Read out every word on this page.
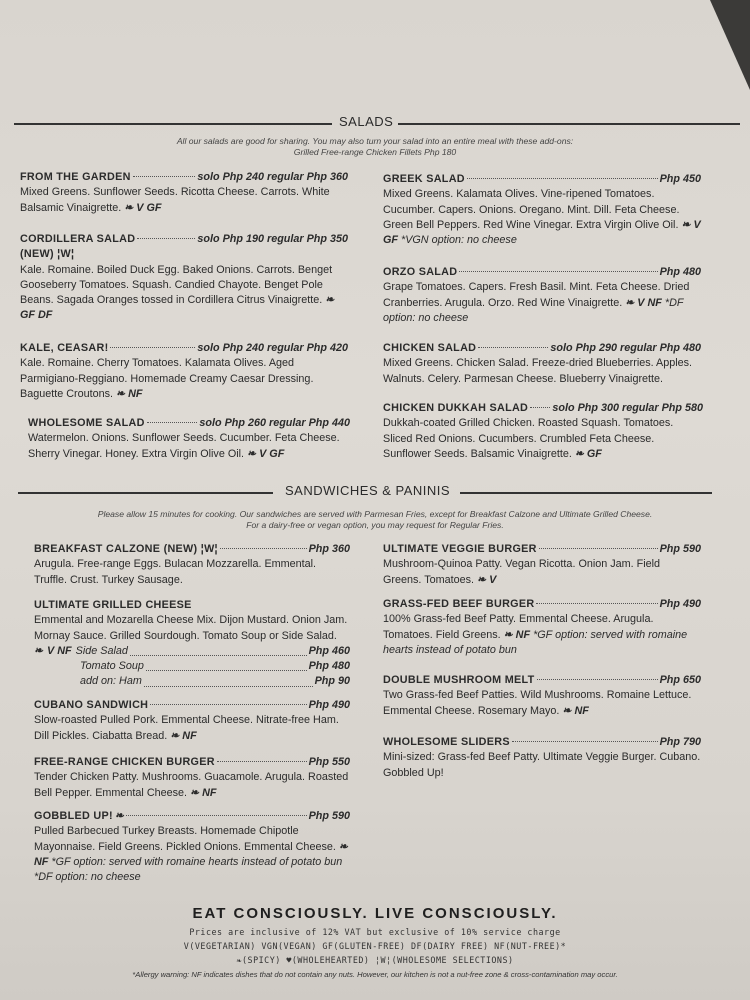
SALADS
All our salads are good for sharing. You may also turn your salad into an entire meal with these add-ons:
Grilled Free-range Chicken Fillets Php 180
FROM THE GARDEN	solo Php 240 regular Php 360
Mixed Greens. Sunflower Seeds. Ricotta Cheese. Carrots. White Balsamic Vinaigrette. ❧ V GF
CORDILLERA SALAD	solo Php 190 regular Php 350
(NEW) ¦W¦
Kale. Romaine. Boiled Duck Egg. Baked Onions. Carrots. Benget Gooseberry Tomatoes. Squash. Candied Chayote. Benget Pole Beans. Sagada Oranges tossed in Cordillera Citrus Vinaigrette. ❧ GF DF
KALE, CEASAR!	solo Php 240 regular Php 420
Kale. Romaine. Cherry Tomatoes. Kalamata Olives. Aged Parmigiano-Reggiano. Homemade Creamy Caesar Dressing. Baguette Croutons. ❧ NF
WHOLESOME SALAD	solo Php 260 regular Php 440
Watermelon. Onions. Sunflower Seeds. Cucumber. Feta Cheese. Sherry Vinegar. Honey. Extra Virgin Olive Oil. ❧ V GF
GREEK SALAD	Php 450
Mixed Greens. Kalamata Olives. Vine-ripened Tomatoes. Cucumber. Capers. Onions. Oregano. Mint. Dill. Feta Cheese. Green Bell Peppers. Red Wine Vinegar. Extra Virgin Olive Oil. ❧ V GF *VGN option: no cheese
ORZO SALAD	Php 480
Grape Tomatoes. Capers. Fresh Basil. Mint. Feta Cheese. Dried Cranberries. Arugula. Orzo. Red Wine Vinaigrette. ❧ V NF *DF option: no cheese
CHICKEN SALAD	solo Php 290 regular Php 480
Mixed Greens. Chicken Salad. Freeze-dried Blueberries. Apples. Walnuts. Celery. Parmesan Cheese. Blueberry Vinaigrette.
CHICKEN DUKKAH SALAD solo Php 300 regular Php 580
Dukkah-coated Grilled Chicken. Roasted Squash. Tomatoes. Sliced Red Onions. Cucumbers. Crumbled Feta Cheese. Sunflower Seeds. Balsamic Vinaigrette. ❧ GF
SANDWICHES & PANINIS
Please allow 15 minutes for cooking. Our sandwiches are served with Parmesan Fries, except for Breakfast Calzone and Ultimate Grilled Cheese.
For a dairy-free or vegan option, you may request for Regular Fries.
BREAKFAST CALZONE (NEW) ¦W¦	Php 360
Arugula. Free-range Eggs. Bulacan Mozzarella. Emmental. Truffle. Crust. Turkey Sausage.
ULTIMATE GRILLED CHEESE
Emmental and Mozarella Cheese Mix. Dijon Mustard. Onion Jam. Mornay Sauce. Grilled Sourdough. Tomato Soup or Side Salad.
❧ V NF Side Salad	Php 460
Tomato Soup	Php 480
add on: Ham	Php 90
CUBANO SANDWICH	Php 490
Slow-roasted Pulled Pork. Emmental Cheese. Nitrate-free Ham. Dill Pickles. Ciabatta Bread. ❧ NF
FREE-RANGE CHICKEN BURGER	Php 550
Tender Chicken Patty. Mushrooms. Guacamole. Arugula. Roasted Bell Pepper. Emmental Cheese. ❧ NF
GOBBLED UP! ❧	Php 590
Pulled Barbecued Turkey Breasts. Homemade Chipotle Mayonnaise. Field Greens. Pickled Onions. Emmental Cheese. ❧ NF *GF option: served with romaine hearts instead of potato bun *DF option: no cheese
ULTIMATE VEGGIE BURGER	Php 590
Mushroom-Quinoa Patty. Vegan Ricotta. Onion Jam. Field Greens. Tomatoes. ❧ V
GRASS-FED BEEF BURGER	Php 490
100% Grass-fed Beef Patty. Emmental Cheese. Arugula. Tomatoes. Field Greens. ❧ NF *GF option: served with romaine hearts instead of potato bun
DOUBLE MUSHROOM MELT	Php 650
Two Grass-fed Beef Patties. Wild Mushrooms. Romaine Lettuce. Emmental Cheese. Rosemary Mayo. ❧ NF
WHOLESOME SLIDERS	Php 790
Mini-sized: Grass-fed Beef Patty. Ultimate Veggie Burger. Cubano. Gobbled Up!
EAT CONSCIOUSLY. LIVE CONSCIOUSLY.
Prices are inclusive of 12% VAT but exclusive of 10% service charge
V(VEGETARIAN) VGN(VEGAN) GF(GLUTEN-FREE) DF(DAIRY FREE) NF(NUT-FREE)*
❧(SPICY) ♥(WHOLEHEARTED) ¦W¦(WHOLESOME SELECTIONS)
*Allergy warning: NF indicates dishes that do not contain any nuts. However, our kitchen is not a nut-free zone & cross-contamination may occur.
